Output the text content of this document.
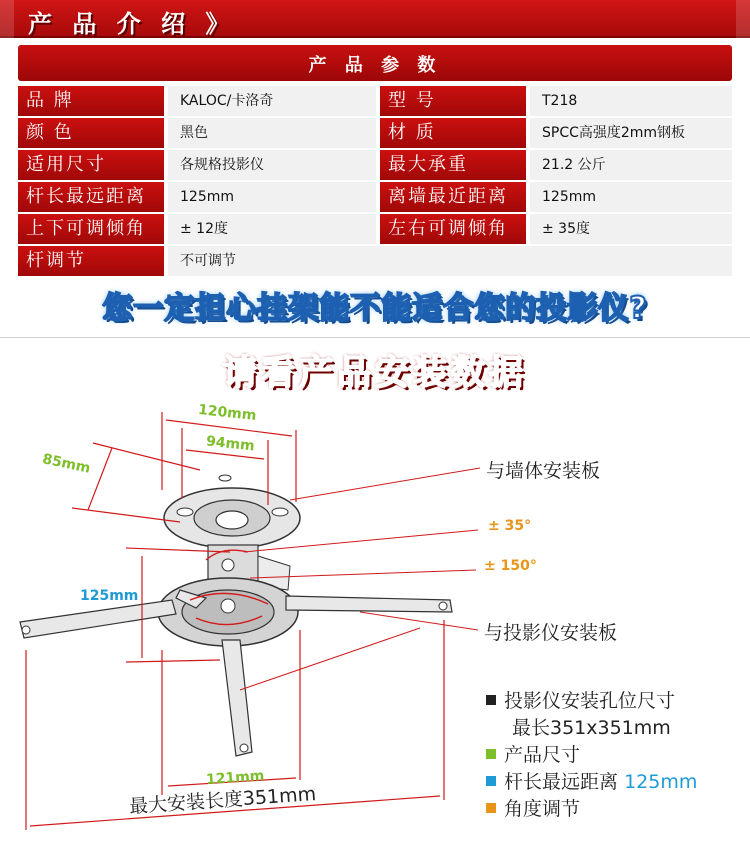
产 品 介 绍 》
产 品 参 数
品 牌	KALOC/卡洛奇	型 号	T218
颜 色	黑色	材 质	SPCC高强度2mm钢板
适用尺寸	各规格投影仪	最大承重	21.2 公斤
杆长最远距离	125mm	离墙最近距离	125mm
上下可调倾角	± 12度	左右可调倾角	± 35度
杆调节	不可调节
您一定担心挂架能不能适合您的投影仪?
请看产品安装数据
120mm
94mm
85mm
125mm
121mm
± 35°
± 150°
与墙体安装板
与投影仪安装板
最大安装长度351mm
投影仪安装孔位尺寸
最长351x351mm
产品尺寸
杆长最远距离 125mm
角度调节
